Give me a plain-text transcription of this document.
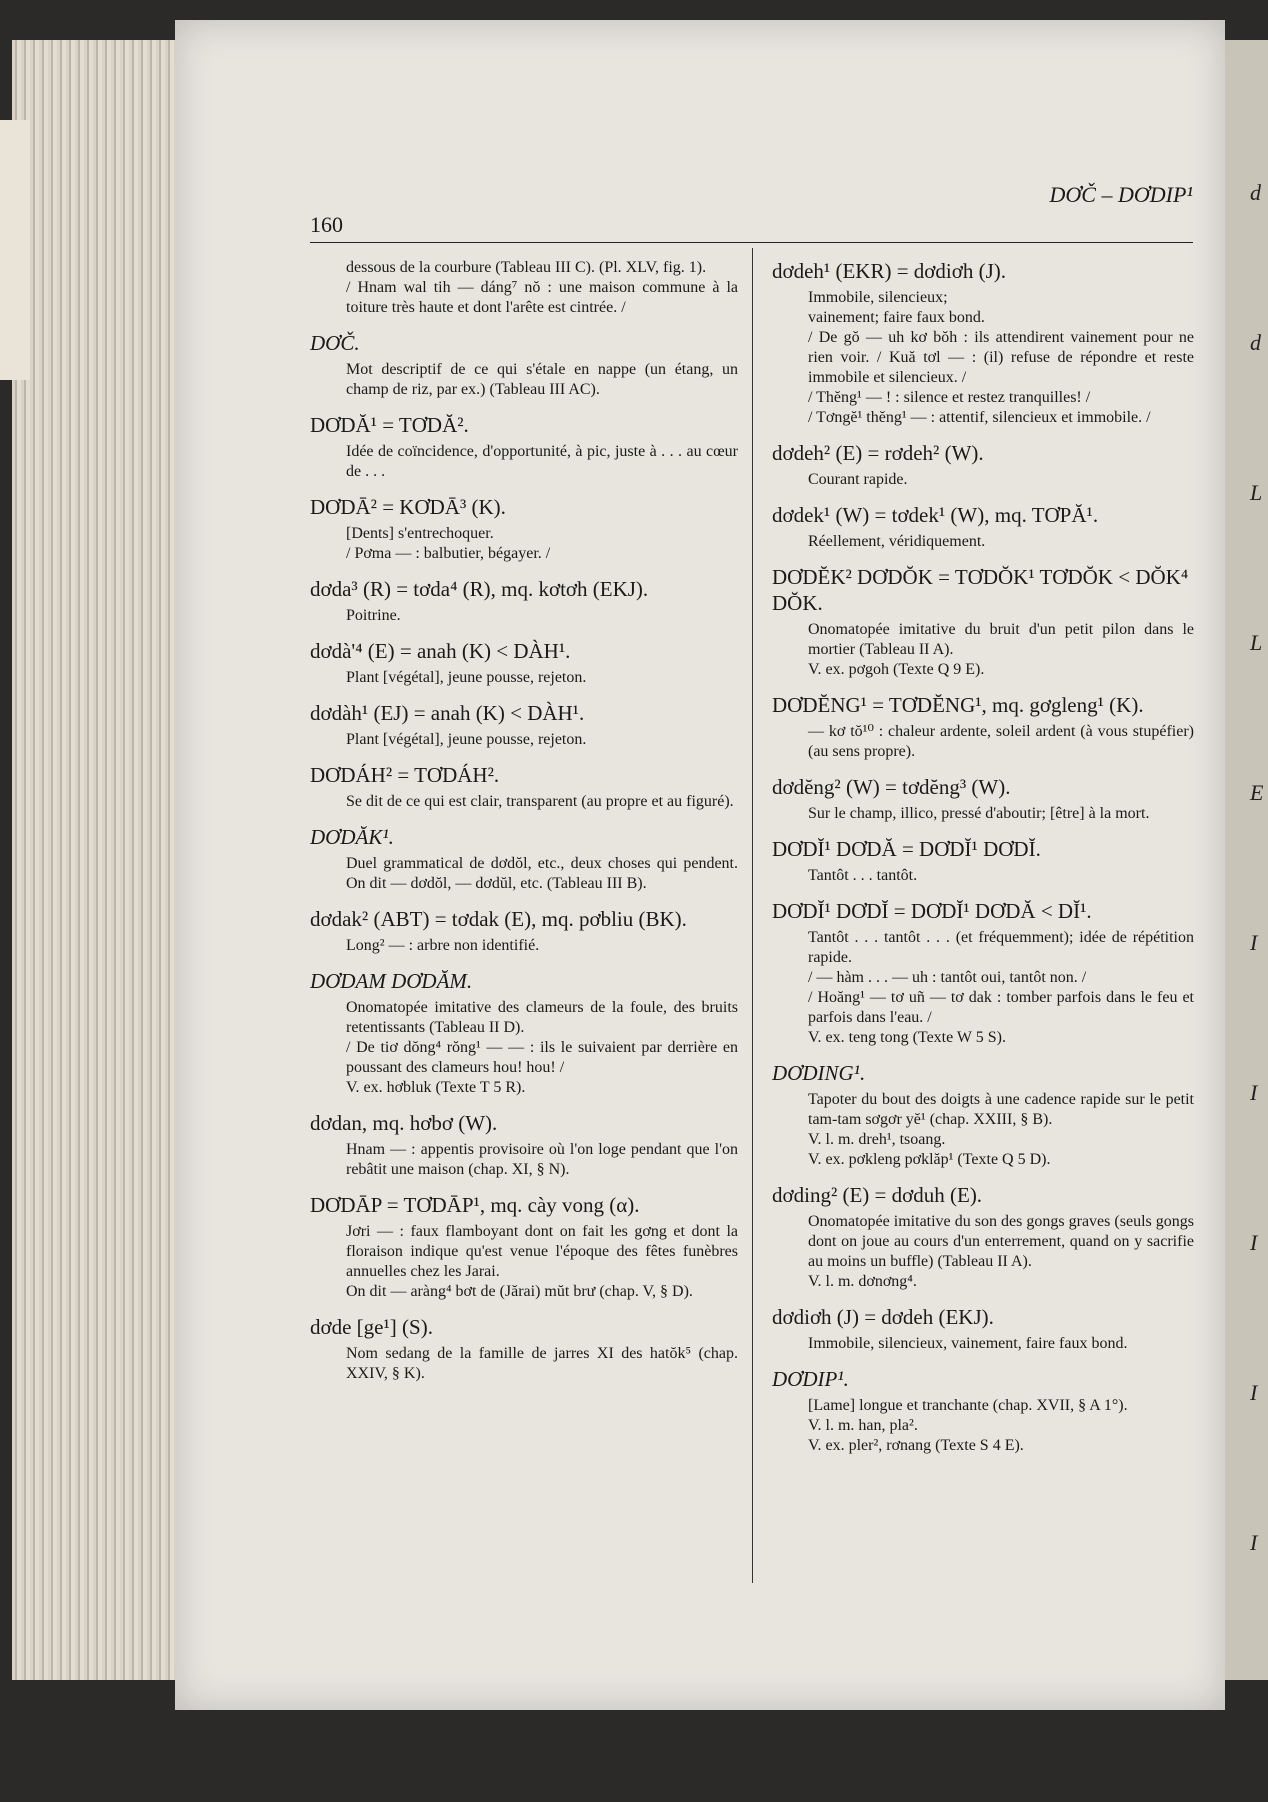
d
d
L
L
E
I
I
I
I
I
160
DƠČ – DƠDIP¹

dessous de la courbure (Tableau III C). (Pl. XLV, fig. 1).

/ Hnam wal tih — dáng⁷ nŏ : une maison commune à la toiture très haute et dont l'arête est cintrée. /

DƠČ.

Mot descriptif de ce qui s'étale en nappe (un étang, un champ de riz, par ex.) (Tableau III AC).

DƠDĂ¹ = TƠDĂ².

Idée de coïncidence, d'opportunité, à pic, juste à . . . au cœur de . . .

DƠDĀ² = KƠDĀ³ (K).

[Dents] s'entrechoquer.

/ Pơma — : balbutier, bégayer. /

dơda³ (R) = tơda⁴ (R), mq. kơtơh (EKJ).

Poitrine.

dơdà'⁴ (E) = anah (K) < DÀH¹.

Plant [végétal], jeune pousse, rejeton.

dơdàh¹ (EJ) = anah (K) < DÀH¹.

Plant [végétal], jeune pousse, rejeton.

DƠDÁH² = TƠDÁH².

Se dit de ce qui est clair, transparent (au propre et au figuré).

DƠDĂK¹.

Duel grammatical de dơdŏl, etc., deux choses qui pendent. On dit — dơdŏl, — dơdŭl, etc. (Tableau III B).

dơdak² (ABT) = tơdak (E), mq. pơbliu (BK).

Long² — : arbre non identifié.

DƠDAM DƠDĂM.

Onomatopée imitative des clameurs de la foule, des bruits retentissants (Tableau II D).

/ De tiơ dŏng⁴ rŏng¹ — — : ils le suivaient par derrière en poussant des clameurs hou! hou! /

V. ex. hơbluk (Texte T 5 R).

dơdan, mq. hơbơ (W).

Hnam — : appentis provisoire où l'on loge pendant que l'on rebâtit une maison (chap. XI, § N).

DƠDĀP = TƠDĀP¹, mq. cày vong (α).

Jơri — : faux flamboyant dont on fait les gơng et dont la floraison indique qu'est venue l'époque des fêtes funèbres annuelles chez les Jarai.

On dit — aràng⁴ bơt de (Jărai) mŭt brư (chap. V, § D).

dơde [ge¹] (S).

Nom sedang de la famille de jarres XI des hatŏk⁵ (chap. XXIV, § K).

dơdeh¹ (EKR) = dơdiơh (J).

Immobile, silencieux;

vainement; faire faux bond.

/ De gŏ — uh kơ bŏh : ils attendirent vainement pour ne rien voir. / Kuă tơl — : (il) refuse de répondre et reste immobile et silencieux. /

/ Thĕng¹ — ! : silence et restez tranquilles! /

/ Tơngĕ¹ thĕng¹ — : attentif, silencieux et immobile. /

dơdeh² (E) = rơdeh² (W).

Courant rapide.

dơdek¹ (W) = tơdek¹ (W), mq. TƠPĂ¹.

Réellement, véridiquement.

DƠDĔK² DƠDŎK = TƠDŎK¹ TƠDŎK < DŎK⁴ DŎK.

Onomatopée imitative du bruit d'un petit pilon dans le mortier (Tableau II A).

V. ex. pơgoh (Texte Q 9 E).

DƠDĔNG¹ = TƠDĔNG¹, mq. gơgleng¹ (K).

— kơ tŏ¹⁰ : chaleur ardente, soleil ardent (à vous stupéfier) (au sens propre).

dơdĕng² (W) = tơdĕng³ (W).

Sur le champ, illico, pressé d'aboutir; [être] à la mort.

DƠDĬ¹ DƠDĂ = DƠDĬ¹ DƠDĬ.

Tantôt . . . tantôt.

DƠDĬ¹ DƠDĬ = DƠDĬ¹ DƠDĂ < DĬ¹.

Tantôt . . . tantôt . . . (et fréquemment); idée de répétition rapide.

/ — hàm . . . — uh : tantôt oui, tantôt non. /

/ Hoăng¹ — tơ uñ — tơ dak : tomber parfois dans le feu et parfois dans l'eau. /

V. ex. teng tong (Texte W 5 S).

DƠDING¹.

Tapoter du bout des doigts à une cadence rapide sur le petit tam-tam sơgơr yĕ¹ (chap. XXIII, § B).

V. l. m. dreh¹, tsoang.

V. ex. pơkleng pơklăp¹ (Texte Q 5 D).

dơding² (E) = dơduh (E).

Onomatopée imitative du son des gongs graves (seuls gongs dont on joue au cours d'un enterrement, quand on y sacrifie au moins un buffle) (Tableau II A).

V. l. m. dơnơng⁴.

dơdiơh (J) = dơdeh (EKJ).

Immobile, silencieux, vainement, faire faux bond.

DƠDIP¹.

[Lame] longue et tranchante (chap. XVII, § A 1°).

V. l. m. han, pla².

V. ex. pler², rơnang (Texte S 4 E).
